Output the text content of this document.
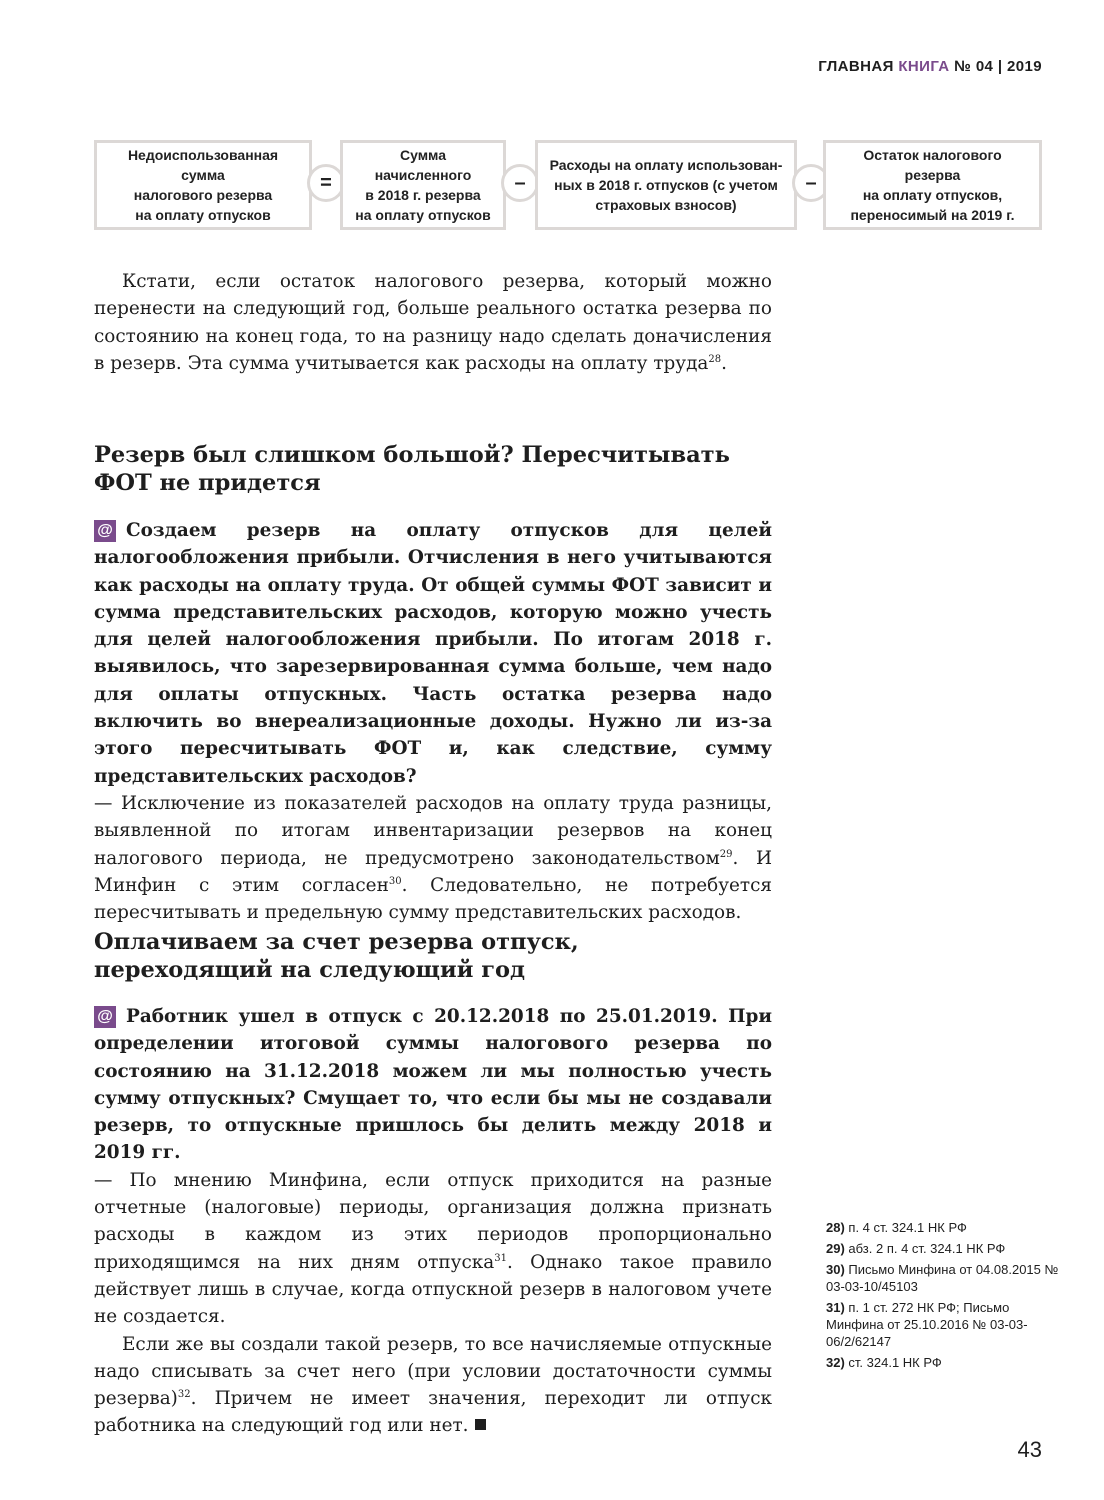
ГЛАВНАЯ КНИГА № 04 | 2019
Недоиспользованная сумма
налогового резерва
на оплату отпусков
=
Сумма начисленного
в 2018 г. резерва
на оплату отпусков
–
Расходы на оплату использован-
ных в 2018 г. отпусков (с учетом
страховых взносов)
–
Остаток налогового резерва
на оплату отпусков,
переносимый на 2019 г.

Кстати, если остаток налогового резерва, который можно перенести на следующий год, больше реального остатка резерва по состоянию на конец года, то на разницу надо сделать доначисления в резерв. Эта сумма учитывается как расходы на оплату труда$^{28}$.

Резерв был слишком большой? Пересчитывать
ФОТ не придется

@ Создаем резерв на оплату отпусков для целей налогообложения прибыли. Отчисления в него учитываются как расходы на оплату труда. От общей суммы ФОТ зависит и сумма представительских расходов, которую можно учесть для целей налогообложения прибыли. По итогам 2018 г. выявилось, что зарезервированная сумма больше, чем надо для оплаты отпускных. Часть остатка резерва надо включить во внереализационные доходы. Нужно ли из-за этого пересчитывать ФОТ и, как следствие, сумму представительских расходов?

— Исключение из показателей расходов на оплату труда разницы, выявленной по итогам инвентаризации резервов на конец налогового периода, не предусмотрено законодательством$^{29}$. И Минфин с этим согласен$^{30}$. Следовательно, не потребуется пересчитывать и предельную сумму представительских расходов.

Оплачиваем за счет резерва отпуск,
переходящий на следующий год

@ Работник ушел в отпуск с 20.12.2018 по 25.01.2019. При определении итоговой суммы налогового резерва по состоянию на 31.12.2018 можем ли мы полностью учесть сумму отпускных? Смущает то, что если бы мы не создавали резерв, то отпускные пришлось бы делить между 2018 и 2019 гг.

— По мнению Минфина, если отпуск приходится на разные отчетные (налоговые) периоды, организация должна признать расходы в каждом из этих периодов пропорционально приходящимся на них дням отпуска$^{31}$. Однако такое правило действует лишь в случае, когда отпускной резерв в налоговом учете не создается.

Если же вы создали такой резерв, то все начисляемые отпускные надо списывать за счет него (при условии достаточности суммы резерва)$^{32}$. Причем не имеет значения, переходит ли отпуск работника на следующий год или нет.

28) п. 4 ст. 324.1 НК РФ
29) абз. 2 п. 4 ст. 324.1 НК РФ
30) Письмо Минфина от 04.08.2015 № 03-03-10/45103
31) п. 1 ст. 272 НК РФ; Письмо Минфина от 25.10.2016 № 03-03-06/2/62147
32) ст. 324.1 НК РФ
43
